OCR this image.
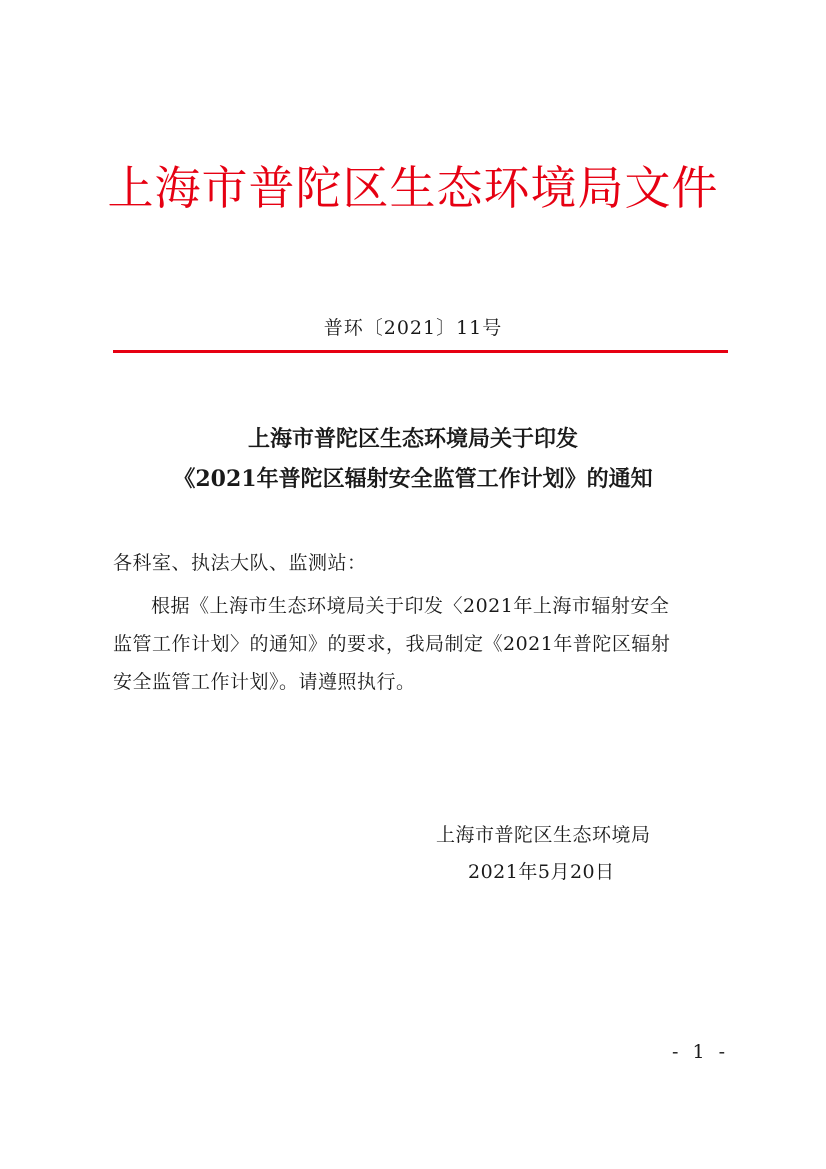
上海市普陀区生态环境局文件
普环〔2021〕11号
上海市普陀区生态环境局关于印发
《2021年普陀区辐射安全监管工作计划》的通知
各科室、执法大队、监测站：
根据《上海市生态环境局关于印发〈2021年上海市辐射安全
监管工作计划〉的通知》的要求，我局制定《2021年普陀区辐射
安全监管工作计划》。请遵照执行。
上海市普陀区生态环境局
2021年5月20日
- 1 -
